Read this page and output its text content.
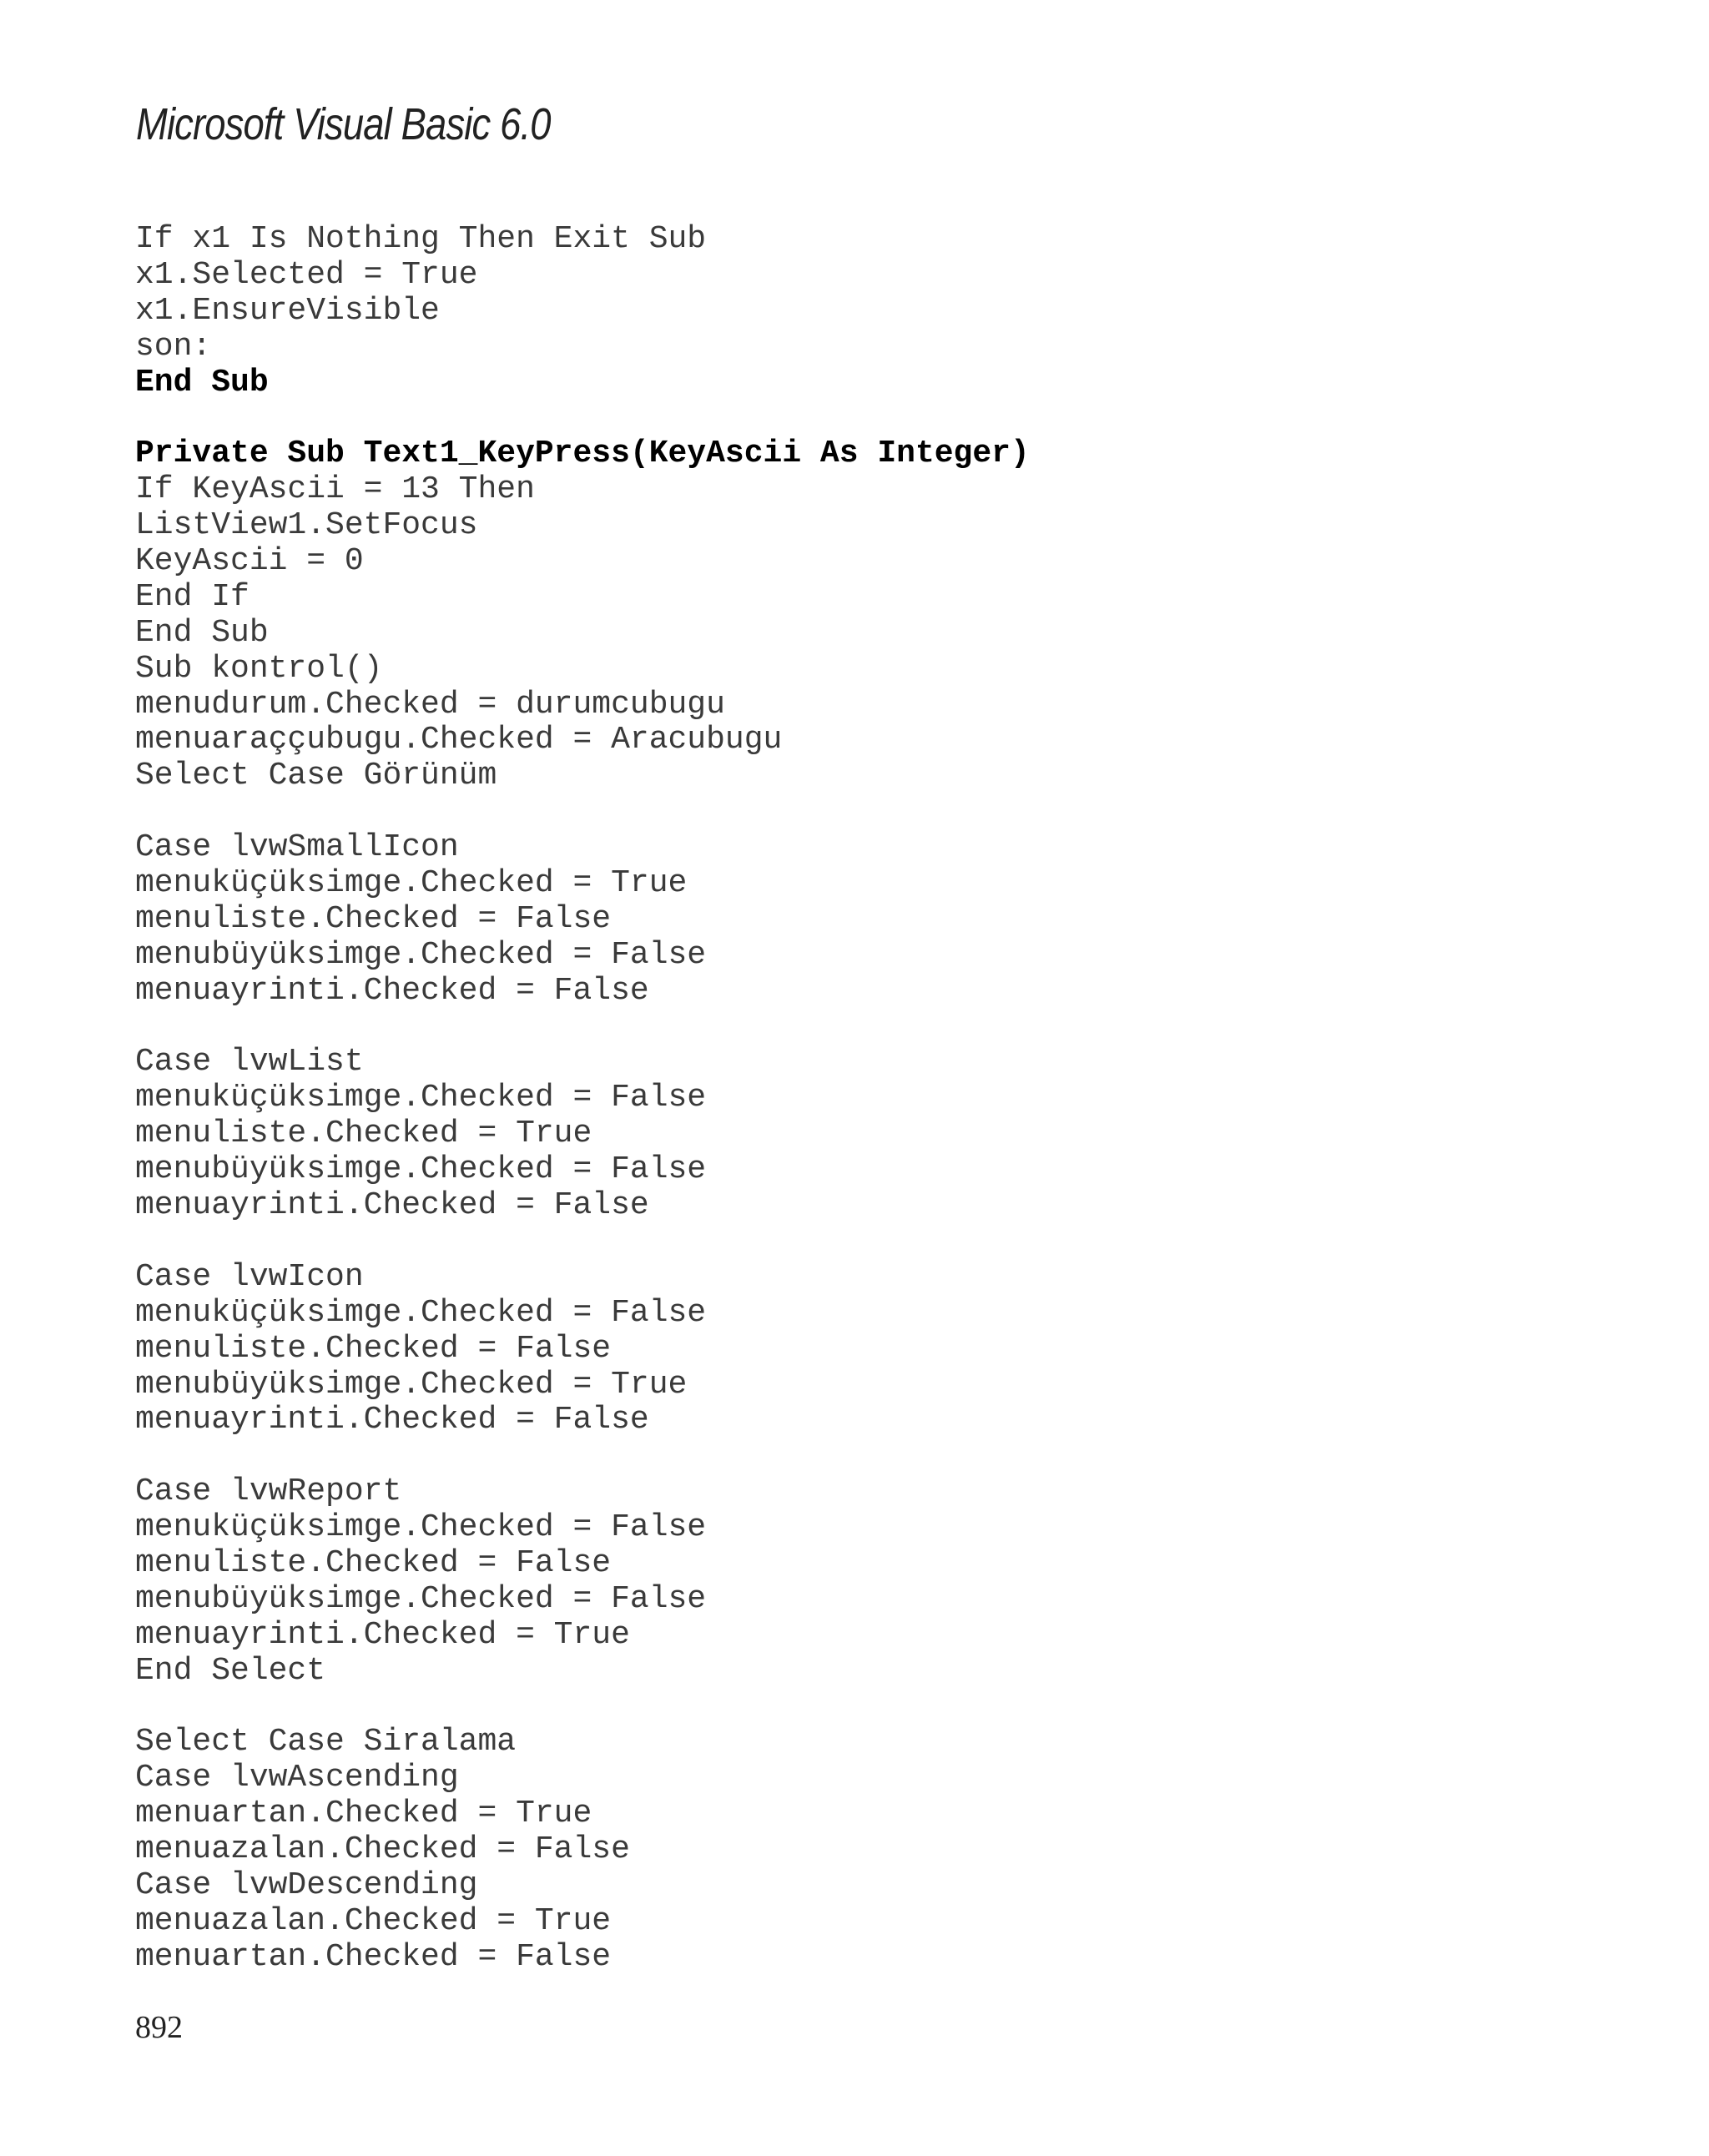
Microsoft Visual Basic 6.0
If x1 Is Nothing Then Exit Sub
x1.Selected = True
x1.EnsureVisible
son:
End Sub
Private Sub Text1_KeyPress(KeyAscii As Integer)
If KeyAscii = 13 Then
ListView1.SetFocus
KeyAscii = 0
End If
End Sub
Sub kontrol()
menudurum.Checked = durumcubugu
menuaraççubugu.Checked = Aracubugu
Select Case Görünüm
Case lvwSmallIcon
menuküçüksimge.Checked = True
menuliste.Checked = False
menubüyüksimge.Checked = False
menuayrinti.Checked = False
Case lvwList
menuküçüksimge.Checked = False
menuliste.Checked = True
menubüyüksimge.Checked = False
menuayrinti.Checked = False
Case lvwIcon
menuküçüksimge.Checked = False
menuliste.Checked = False
menubüyüksimge.Checked = True
menuayrinti.Checked = False
Case lvwReport
menuküçüksimge.Checked = False
menuliste.Checked = False
menubüyüksimge.Checked = False
menuayrinti.Checked = True
End Select
Select Case Siralama
Case lvwAscending
menuartan.Checked = True
menuazalan.Checked = False
Case lvwDescending
menuazalan.Checked = True
menuartan.Checked = False
892
